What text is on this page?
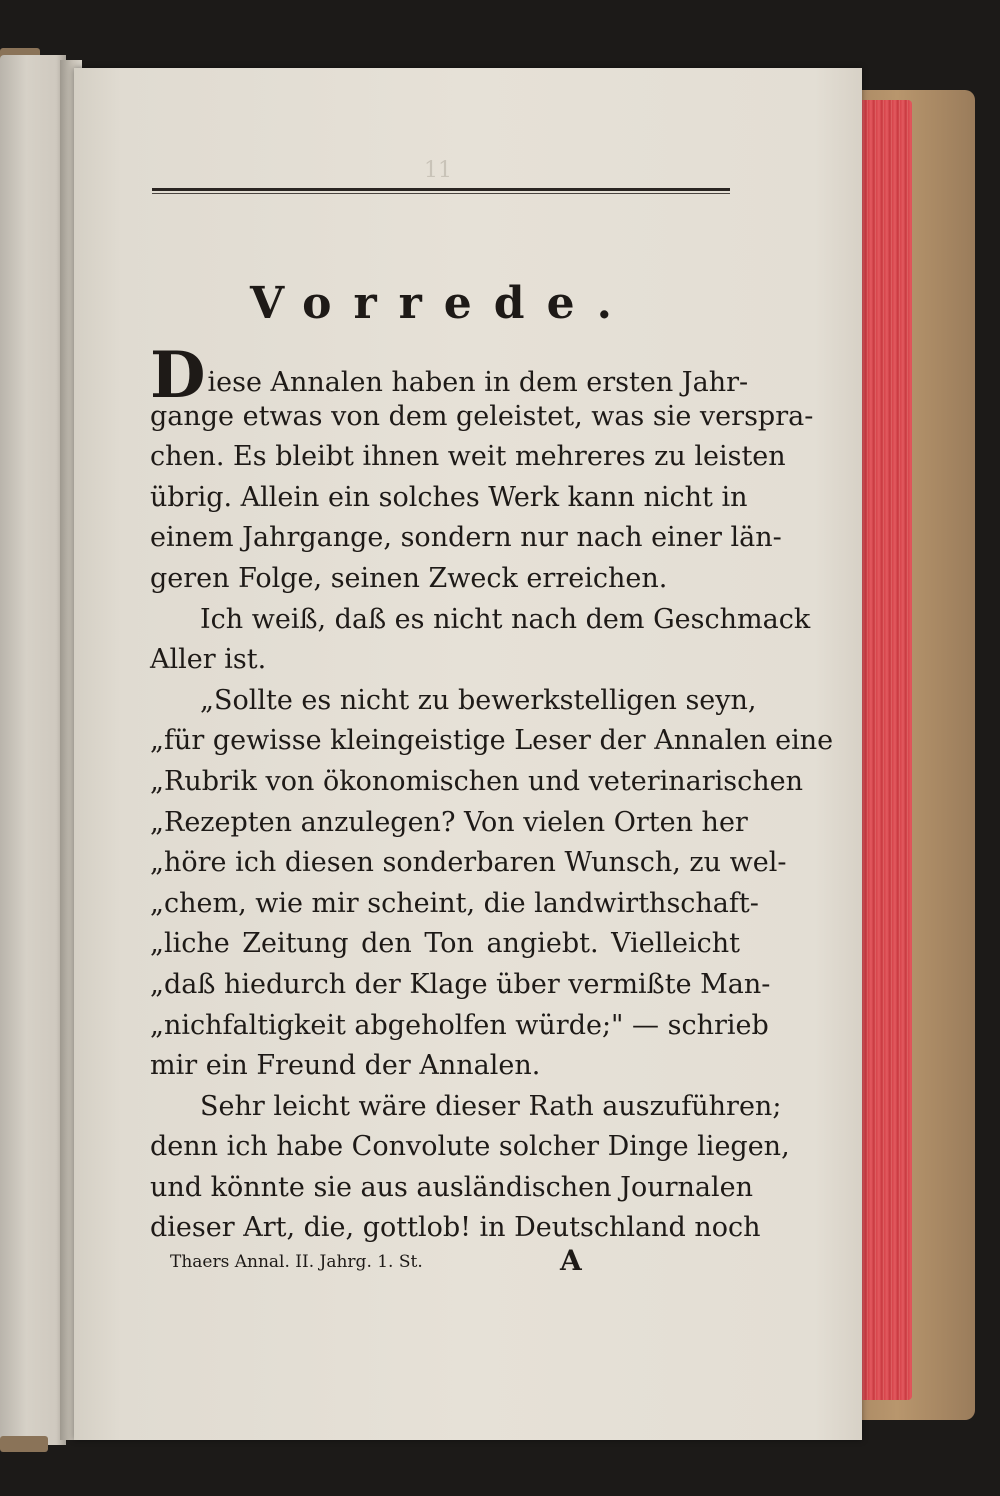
11

Vorrede.
Diese Annalen haben in dem ersten Jahr-
gange etwas von dem geleistet, was sie verspra-
chen. Es bleibt ihnen weit mehreres zu leisten
übrig. Allein ein solches Werk kann nicht in
einem Jahrgange, sondern nur nach einer län-
geren Folge, seinen Zweck erreichen.
Ich weiß, daß es nicht nach dem Geschmack
Aller ist.
„Sollte es nicht zu bewerkstelligen seyn,
„für gewisse kleingeistige Leser der Annalen eine
„Rubrik von ökonomischen und veterinarischen
„Rezepten anzulegen? Von vielen Orten her
„höre ich diesen sonderbaren Wunsch, zu wel-
„chem, wie mir scheint, die landwirthschaft-
„liche Zeitung den Ton angiebt. Vielleicht
„daß hiedurch der Klage über vermißte Man-
„nichfaltigkeit abgeholfen würde;" — schrieb
mir ein Freund der Annalen.
Sehr leicht wäre dieser Rath auszuführen;
denn ich habe Convolute solcher Dinge liegen,
und könnte sie aus ausländischen Journalen
dieser Art, die, gottlob! in Deutschland noch

Thaers Annal. II. Jahrg. 1. St.	A
